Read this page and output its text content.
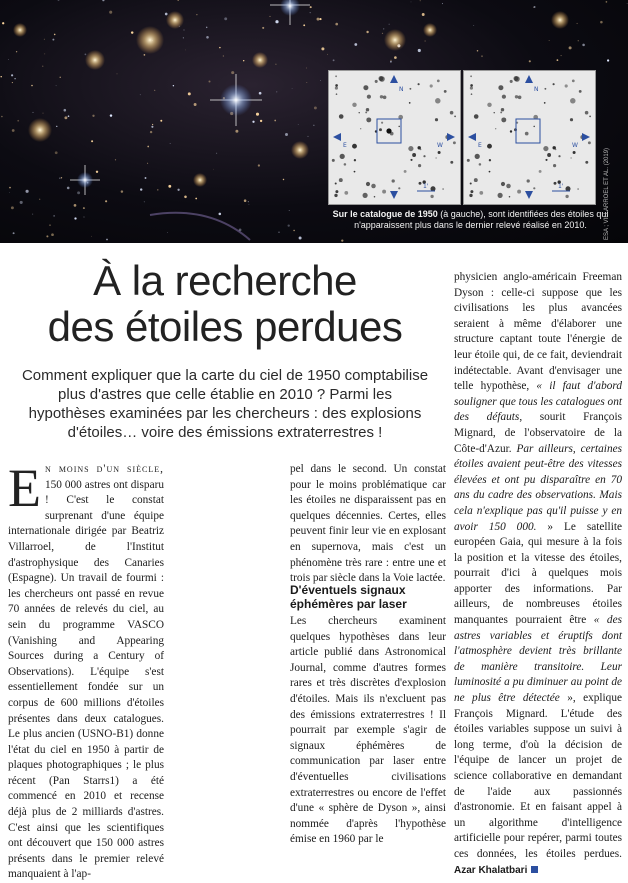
N
E	W
1'
N
E	W
1'
Sur le catalogue de 1950 (à gauche), sont identifiées des étoiles qui n'apparaissent plus dans le dernier relevé réalisé en 2010.	ESA ; VILLARROEL ET AL. (2019)
À la recherche
des étoiles perdues

Comment expliquer que la carte du ciel de 1950 comptabilise plus d'astres que celle établie en 2010 ? Parmi les hypothèses examinées par les chercheurs : des explosions d'étoiles… voire des émissions extraterrestres !

En moins d'un siècle, 150 000 astres ont disparu ! C'est le constat surprenant d'une équipe internationale dirigée par Beatriz Villarroel, de l'Institut d'astrophysique des Canaries (Espagne). Un travail de fourmi : les chercheurs ont passé en revue 70 années de relevés du ciel, au sein du programme VASCO (Vanishing and Appearing Sources during a Century of Observations). L'équipe s'est essentiellement fondée sur un corpus de 600 millions d'étoiles présentes dans deux catalogues. Le plus ancien (USNO-B1) donne l'état du ciel en 1950 à partir de plaques photographiques ; le plus récent (Pan Starrs1) a été commencé en 2010 et recense déjà plus de 2 milliards d'astres. C'est ainsi que les scientifiques ont découvert que 150 000 astres présents dans le premier relevé manquaient à l'ap-

pel dans le second. Un constat pour le moins problématique car les étoiles ne disparaissent pas en quelques décennies. Certes, elles peuvent finir leur vie en explosant en supernova, mais c'est un phénomène très rare : entre une et trois par siècle dans la Voie lactée.

D'éventuels signaux éphémères par laser

Les chercheurs examinent quelques hypothèses dans leur article publié dans Astronomical Journal, comme d'autres formes rares et très discrètes d'explosion d'étoiles. Mais ils n'excluent pas des émissions extraterrestres ! Il pourrait par exemple s'agir de signaux éphémères de communication par laser entre d'éventuelles civilisations extraterrestres ou encore de l'effet d'une « sphère de Dyson », ainsi nommée d'après l'hypothèse émise en 1960 par le

physicien anglo-américain Freeman Dyson : celle-ci suppose que les civilisations les plus avancées seraient à même d'élaborer une structure captant toute l'énergie de leur étoile qui, de ce fait, deviendrait indétectable. Avant d'envisager une telle hypothèse, « il faut d'abord souligner que tous les catalogues ont des défauts, sourit François Mignard, de l'observatoire de la Côte-d'Azur. Par ailleurs, certaines étoiles avaient peut-être des vitesses élevées et ont pu disparaître en 70 ans du cadre des observations. Mais cela n'explique pas qu'il puisse y en avoir 150 000. » Le satellite européen Gaia, qui mesure à la fois la position et la vitesse des étoiles, pourrait d'ici à quelques mois apporter des informations. Par ailleurs, de nombreuses étoiles manquantes pourraient être « des astres variables et éruptifs dont l'atmosphère devient très brillante de manière transitoire. Leur luminosité a pu diminuer au point de ne plus être détectée », explique François Mignard. L'étude des étoiles variables suppose un suivi à long terme, d'où la décision de l'équipe de lancer un projet de science collaborative en demandant de l'aide aux passionnés d'astronomie. Et en faisant appel à un algorithme d'intelligence artificielle pour repérer, parmi toutes ces données, les étoiles perdues. Azar Khalatbari
